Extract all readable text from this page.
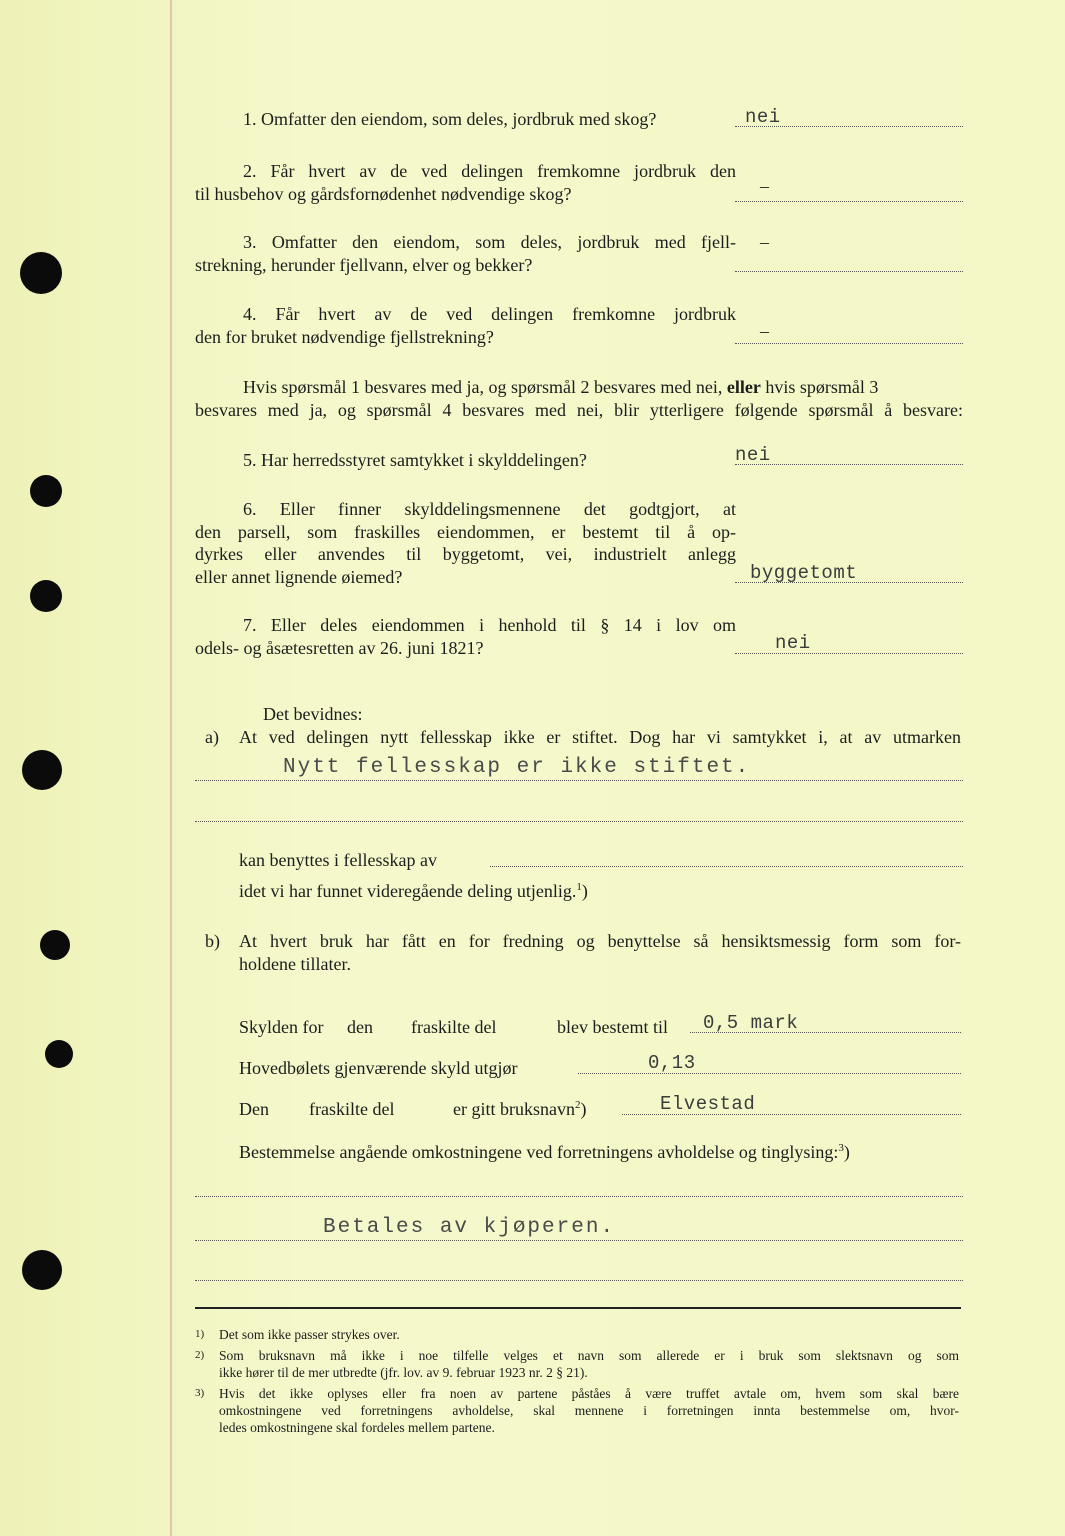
1. Omfatter den eiendom, som deles, jordbruk med skog?	nei
2. Får hvert av de ved delingen fremkomne jordbruk den
til husbehov og gårdsfornødenhet nødvendige skog?	–
3. Omfatter den eiendom, som deles, jordbruk med fjell-
strekning, herunder fjellvann, elver og bekker?
–
4. Får hvert av de ved delingen fremkomne jordbruk
den for bruket nødvendige fjellstrekning?	–
Hvis spørsmål 1 besvares med ja, og spørsmål 2 besvares med nei, eller hvis spørsmål 3
besvares med ja, og spørsmål 4 besvares med nei, blir ytterligere følgende spørsmål å besvare:
5. Har herredsstyret samtykket i skylddelingen?	nei
6. Eller finner skylddelingsmennene det godtgjort, at
den parsell, som fraskilles eiendommen, er bestemt til å op-
dyrkes eller anvendes til byggetomt, vei, industrielt anlegg
eller annet lignende øiemed?	byggetomt
7. Eller deles eiendommen i henhold til § 14 i lov om
odels- og åsætesretten av 26. juni 1821?	nei
Det bevidnes:
a) At ved delingen nytt fellesskap ikke er stiftet. Dog har vi samtykket i, at av utmarken
Nytt fellesskap er ikke stiftet.
kan benyttes i fellesskap av
idet vi har funnet videregående deling utjenlig.$^1$)
b) At hvert bruk har fått en for fredning og benyttelse så hensiktsmessig form som for-
holdene tillater.
Skylden for den fraskilte del	blev bestemt til 0,5 mark
Hovedbølets gjenværende skyld utgjør	0,13
Den fraskilte del	er gitt bruksnavn$^2$)	Elvestad
Bestemmelse angående omkostningene ved forretningens avholdelse og tinglysing:$^3$)
Betales av kjøperen.
1) Det som ikke passer strykes over.
2) Som bruksnavn må ikke i noe tilfelle velges et navn som allerede er i bruk som slektsnavn og som
ikke hører til de mer utbredte (jfr. lov. av 9. februar 1923 nr. 2 § 21).
3) Hvis det ikke oplyses eller fra noen av partene påståes å være truffet avtale om, hvem som skal bære
omkostningene ved forretningens avholdelse, skal mennene i forretningen innta bestemmelse om, hvor-
ledes omkostningene skal fordeles mellem partene.
